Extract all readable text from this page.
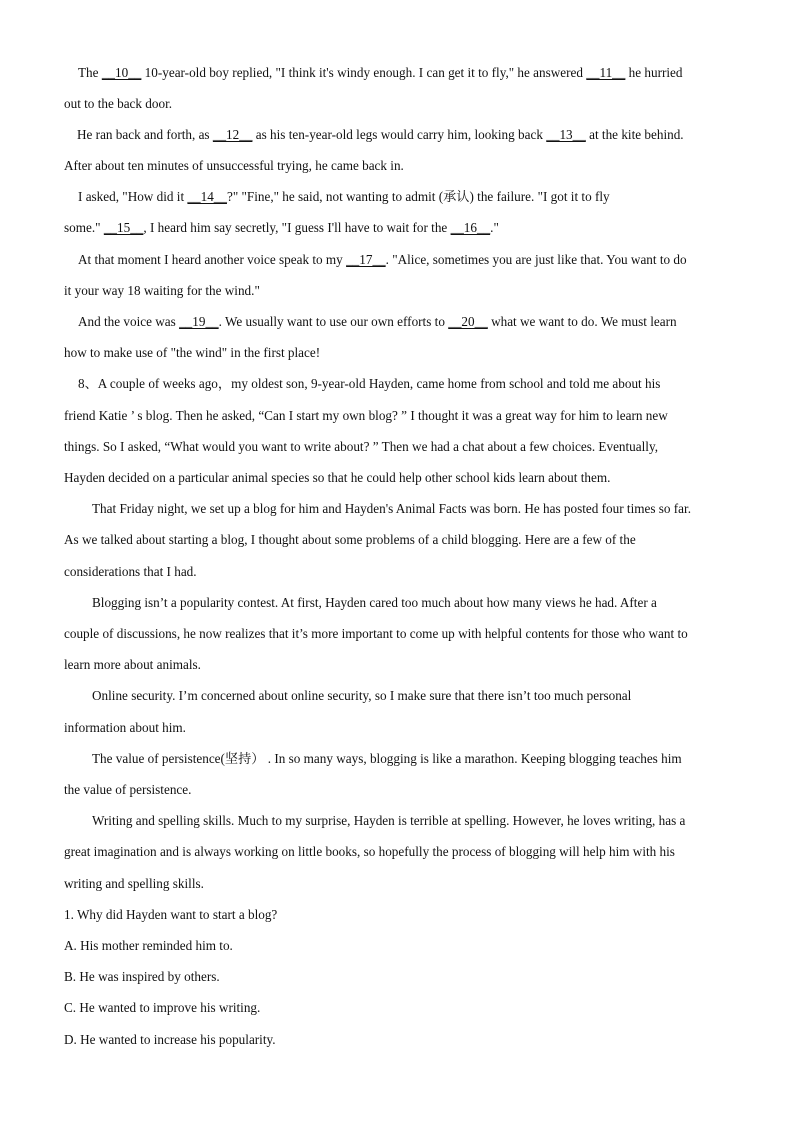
The __10__ 10-year-old boy replied, "I think it's windy enough. I can get it to fly," he answered __11__ he hurried
out to the back door.
He ran back and forth, as __12__ as his ten-year-old legs would carry him, looking back __13__ at the kite behind.
After about ten minutes of unsuccessful trying, he came back in.
I asked, "How did it __14__?" "Fine," he said, not wanting to admit (承认) the failure. "I got it to fly
some." __15__, I heard him say secretly, "I guess I'll have to wait for the __16__."
At that moment I heard another voice speak to my __17__. "Alice, sometimes you are just like that. You want to do
it your way 18 waiting for the wind."
And the voice was __19__. We usually want to use our own efforts to __20__ what we want to do. We must learn
how to make use of "the wind" in the first place!
8、A couple of weeks ago，my oldest son, 9-year-old Hayden, came home from school and told me about his
friend Katie ’ s blog. Then he asked, “Can I start my own blog? ” I thought it was a great way for him to learn new
things. So I asked, “What would you want to write about? ” Then we had a chat about a few choices. Eventually,
Hayden decided on a particular animal species so that he could help other school kids learn about them.
That Friday night, we set up a blog for him and Hayden's Animal Facts was born. He has posted four times so far.
As we talked about starting a blog, I thought about some problems of a child blogging. Here are a few of the
considerations that I had.
Blogging isn’t a popularity contest. At first, Hayden cared too much about how many views he had. After a
couple of discussions, he now realizes that it’s more important to come up with helpful contents for those who want to
learn more about animals.
Online security. I’m concerned about online security, so I make sure that there isn’t too much personal
information about him.
The value of persistence(坚持） . In so many ways, blogging is like a marathon. Keeping blogging teaches him
the value of persistence.
Writing and spelling skills. Much to my surprise, Hayden is terrible at spelling. However, he loves writing, has a
great imagination and is always working on little books, so hopefully the process of blogging will help him with his
writing and spelling skills.
1. Why did Hayden want to start a blog?
A. His mother reminded him to.
B. He was inspired by others.
C. He wanted to improve his writing.
D. He wanted to increase his popularity.
